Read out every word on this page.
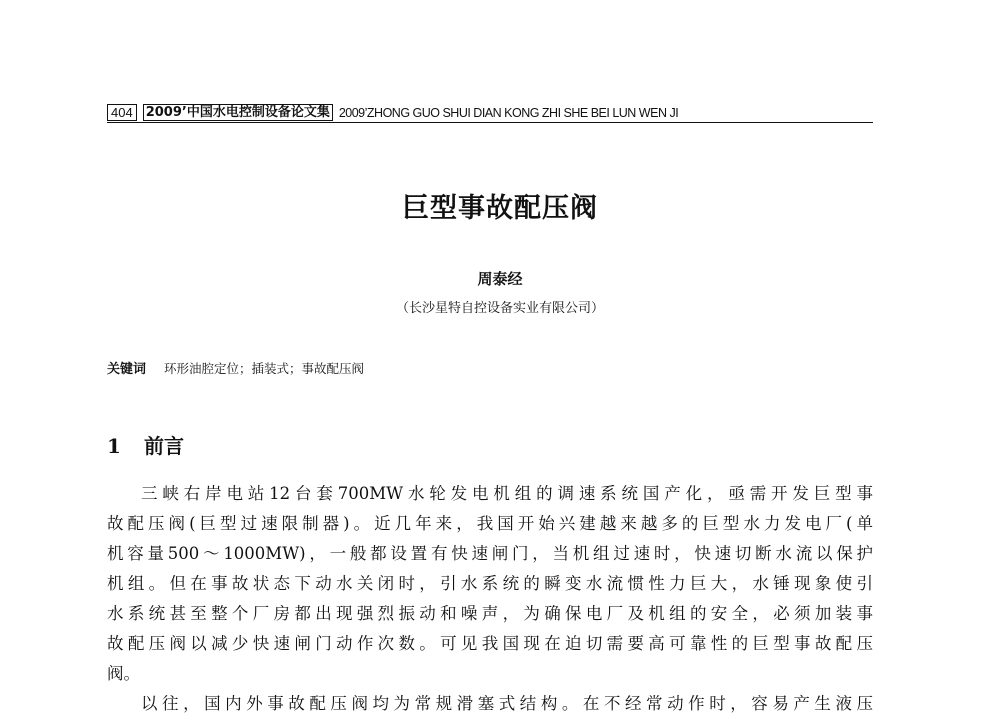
404	2009’中国水电控制设备论文集 2009’ZHONG GUO SHUI DIAN KONG ZHI SHE BEI LUN WEN JI
巨型事故配压阀

周泰经

（长沙星特自控设备实业有限公司）

关键词 环形油腔定位；插装式；事故配压阀
1 前言

三峡右岸电站12台套700MW水轮发电机组的调速系统国产化，亟需开发巨型事

故配压阀(巨型过速限制器)。近几年来，我国开始兴建越来越多的巨型水力发电厂(单

机容量500～1000MW)，一般都设置有快速闸门，当机组过速时，快速切断水流以保护

机组。但在事故状态下动水关闭时，引水系统的瞬变水流惯性力巨大，水锤现象使引

水系统甚至整个厂房都出现强烈振动和噪声，为确保电厂及机组的安全，必须加装事

故配压阀以减少快速闸门动作次数。可见我国现在迫切需要高可靠性的巨型事故配压

阀。

以往，国内外事故配压阀均为常规滑塞式结构。在不经常动作时，容易产生液压
